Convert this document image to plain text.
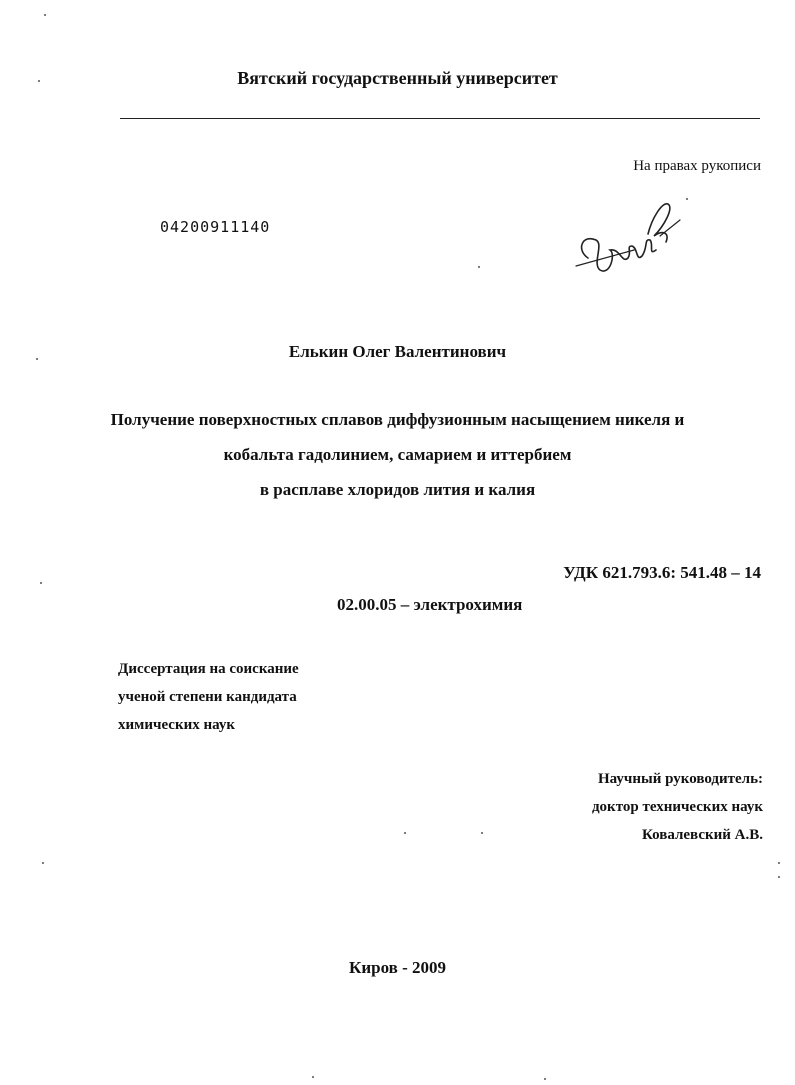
Вятский государственный университет
На правах рукописи
04200911140
Елькин Олег Валентинович
Получение поверхностных сплавов диффузионным насыщением никеля и
кобальта гадолинием, самарием и иттербием
в расплаве хлоридов лития и калия
УДК 621.793.6: 541.48 – 14
02.00.05 – электрохимия
Диссертация на соискание
ученой степени кандидата
химических наук
Научный руководитель:
доктор технических наук
Ковалевский А.В.
Киров - 2009
